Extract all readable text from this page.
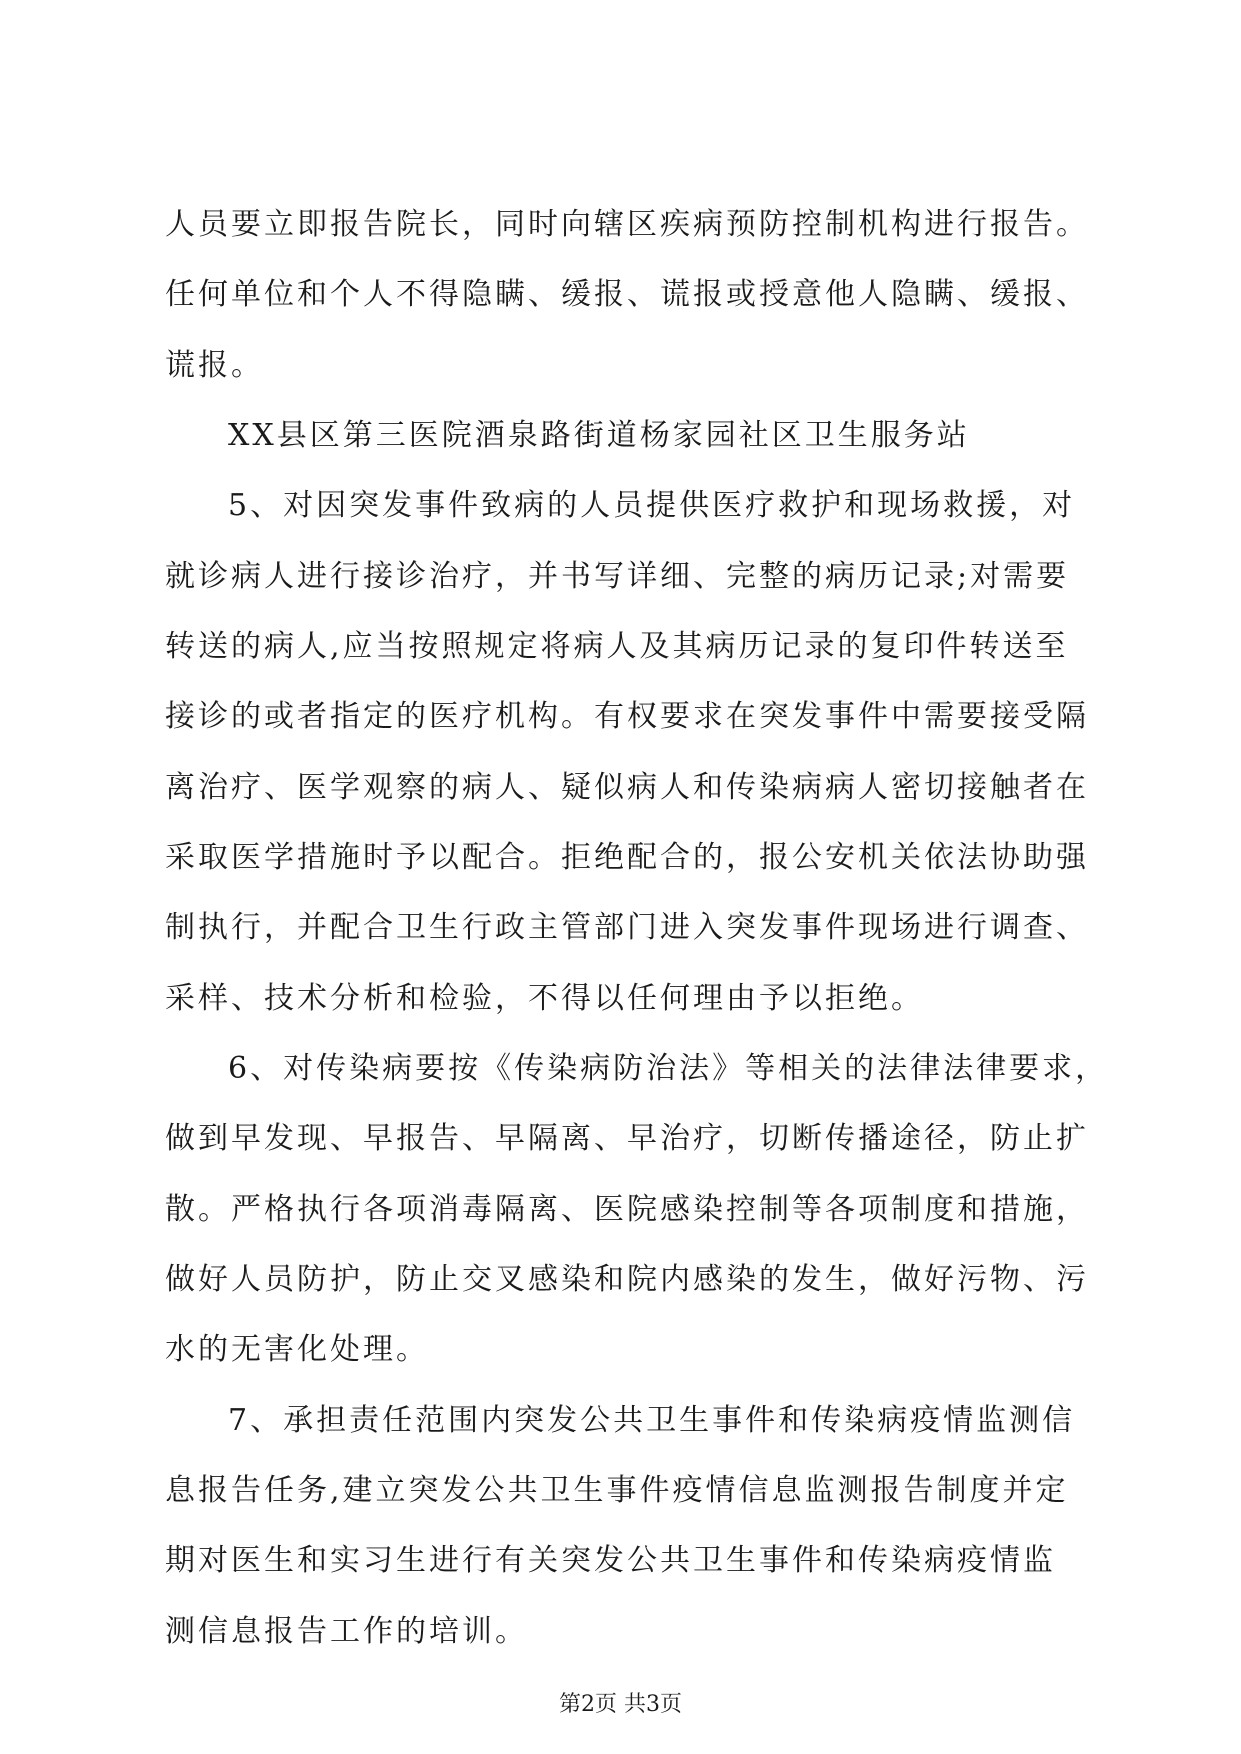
人员要立即报告院长，同时向辖区疾病预防控制机构进行报告。
任何单位和个人不得隐瞒、缓报、谎报或授意他人隐瞒、缓报、
谎报。
XX县区第三医院酒泉路街道杨家园社区卫生服务站
5、对因突发事件致病的人员提供医疗救护和现场救援，对
就诊病人进行接诊治疗，并书写详细、完整的病历记录;对需要
转送的病人,应当按照规定将病人及其病历记录的复印件转送至
接诊的或者指定的医疗机构。有权要求在突发事件中需要接受隔
离治疗、医学观察的病人、疑似病人和传染病病人密切接触者在
采取医学措施时予以配合。拒绝配合的，报公安机关依法协助强
制执行，并配合卫生行政主管部门进入突发事件现场进行调查、
采样、技术分析和检验，不得以任何理由予以拒绝。
6、对传染病要按《传染病防治法》等相关的法律法律要求，
做到早发现、早报告、早隔离、早治疗，切断传播途径，防止扩
散。严格执行各项消毒隔离、医院感染控制等各项制度和措施，
做好人员防护，防止交叉感染和院内感染的发生，做好污物、污
水的无害化处理。
7、承担责任范围内突发公共卫生事件和传染病疫情监测信
息报告任务,建立突发公共卫生事件疫情信息监测报告制度并定
期对医生和实习生进行有关突发公共卫生事件和传染病疫情监
测信息报告工作的培训。
第2页 共3页
